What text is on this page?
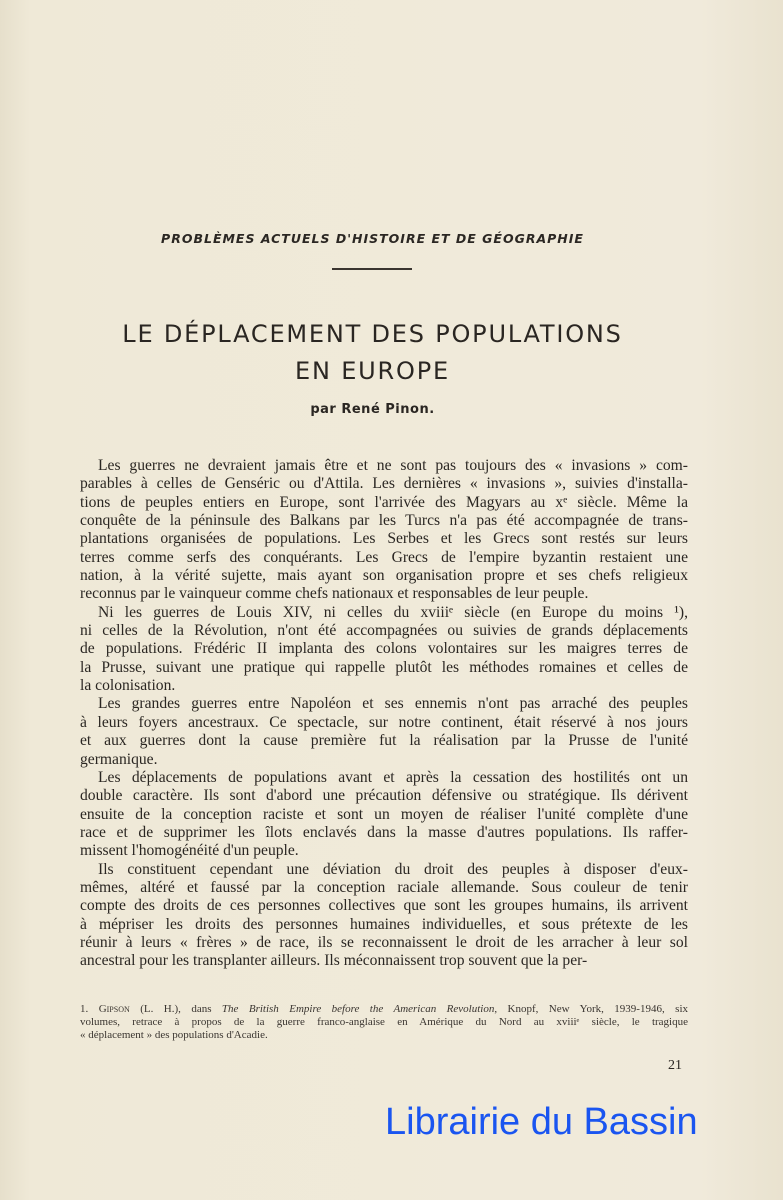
PROBLÈMES ACTUELS D'HISTOIRE ET DE GÉOGRAPHIE
LE DÉPLACEMENT DES POPULATIONS
EN EUROPE
par René Pinon.
Les guerres ne devraient jamais être et ne sont pas toujours des « invasions » com-
parables à celles de Genséric ou d'Attila. Les dernières « invasions », suivies d'installa-
tions de peuples entiers en Europe, sont l'arrivée des Magyars au xᵉ siècle. Même la
conquête de la péninsule des Balkans par les Turcs n'a pas été accompagnée de trans-
plantations organisées de populations. Les Serbes et les Grecs sont restés sur leurs
terres comme serfs des conquérants. Les Grecs de l'empire byzantin restaient une
nation, à la vérité sujette, mais ayant son organisation propre et ses chefs religieux
reconnus par le vainqueur comme chefs nationaux et responsables de leur peuple.
Ni les guerres de Louis XIV, ni celles du xviiiᵉ siècle (en Europe du moins ¹),
ni celles de la Révolution, n'ont été accompagnées ou suivies de grands déplacements
de populations. Frédéric II implanta des colons volontaires sur les maigres terres de
la Prusse, suivant une pratique qui rappelle plutôt les méthodes romaines et celles de
la colonisation.
Les grandes guerres entre Napoléon et ses ennemis n'ont pas arraché des peuples
à leurs foyers ancestraux. Ce spectacle, sur notre continent, était réservé à nos jours
et aux guerres dont la cause première fut la réalisation par la Prusse de l'unité
germanique.
Les déplacements de populations avant et après la cessation des hostilités ont un
double caractère. Ils sont d'abord une précaution défensive ou stratégique. Ils dérivent
ensuite de la conception raciste et sont un moyen de réaliser l'unité complète d'une
race et de supprimer les îlots enclavés dans la masse d'autres populations. Ils raffer-
missent l'homogénéité d'un peuple.
Ils constituent cependant une déviation du droit des peuples à disposer d'eux-
mêmes, altéré et faussé par la conception raciale allemande. Sous couleur de tenir
compte des droits de ces personnes collectives que sont les groupes humains, ils arrivent
à mépriser les droits des personnes humaines individuelles, et sous prétexte de les
réunir à leurs « frères » de race, ils se reconnaissent le droit de les arracher à leur sol
ancestral pour les transplanter ailleurs. Ils méconnaissent trop souvent que la per-
1. Gipson (L. H.), dans The British Empire before the American Revolution, Knopf, New York, 1939-1946, six
volumes, retrace à propos de la guerre franco-anglaise en Amérique du Nord au xviiiᵉ siècle, le tragique
« déplacement » des populations d'Acadie.
21
Librairie du Bassin
